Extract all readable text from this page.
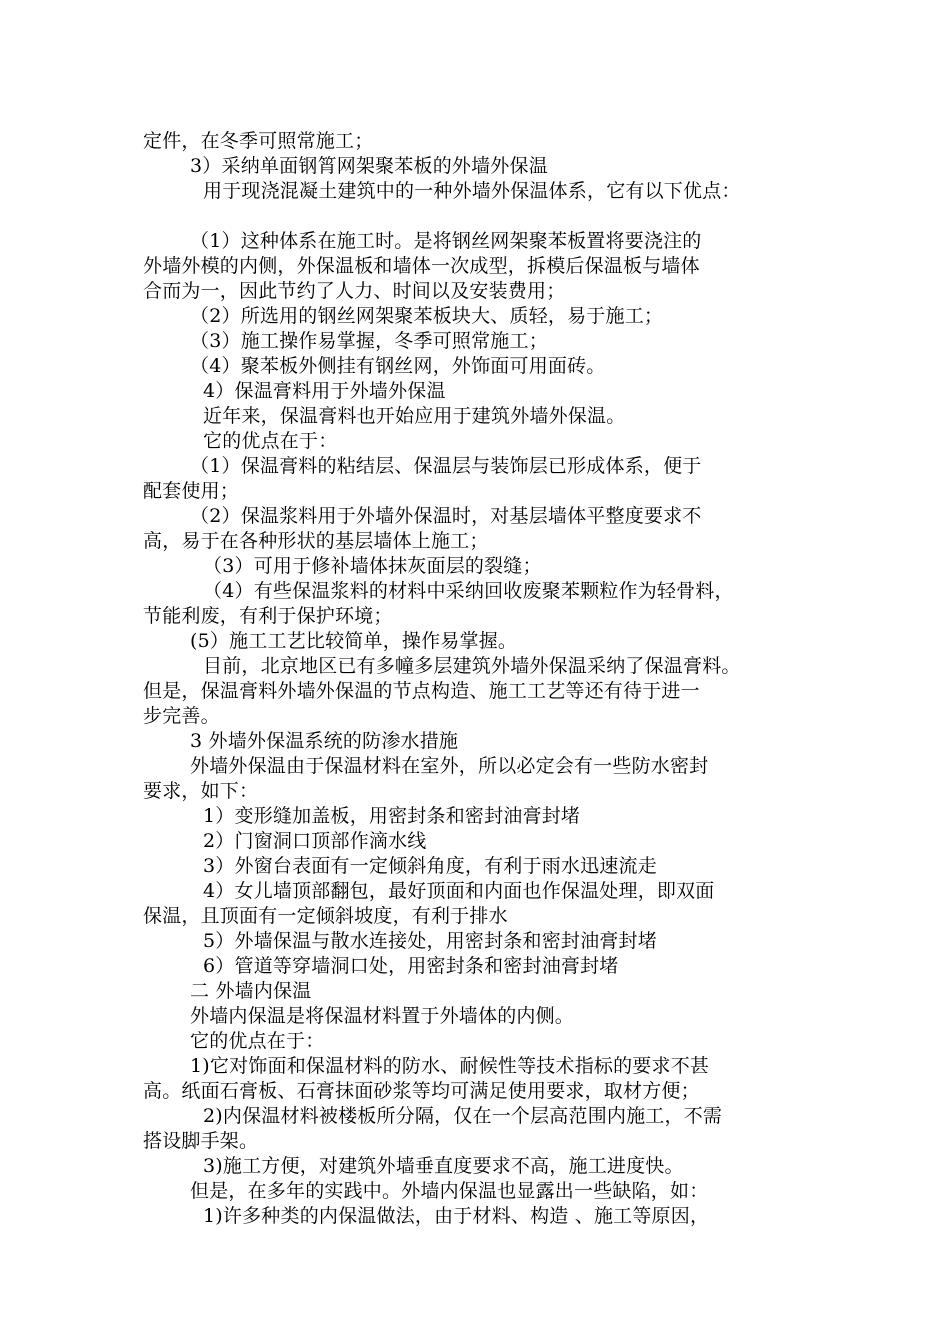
定件，在冬季可照常施工；
3）采纳单面钢筲网架聚苯板的外墙外保温
用于现浇混凝土建筑中的一种外墙外保温体系，它有以下优点：
（1）这种体系在施工时。是将钢丝网架聚苯板置将要浇注的
外墙外模的内侧，外保温板和墙体一次成型，拆模后保温板与墙体
合而为一，因此节约了人力、时间以及安装费用；
（2）所选用的钢丝网架聚苯板块大、质轻，易于施工；
（3）施工操作易掌握，冬季可照常施工；
（4）聚苯板外侧挂有钢丝网，外饰面可用面砖。
4）保温膏料用于外墙外保温
近年来，保温膏料也开始应用于建筑外墙外保温。
它的优点在于：
（1）保温膏料的粘结层、保温层与装饰层已形成体系，便于
配套使用；
（2）保温浆料用于外墙外保温时，对基层墙体平整度要求不
高，易于在各种形状的基层墙体上施工；
（3）可用于修补墙体抹灰面层的裂缝；
（4）有些保温浆料的材料中采纳回收废聚苯颗粒作为轻骨料，
节能利废，有利于保护环境；
(5）施工工艺比较简单，操作易掌握。
目前，北京地区已有多幢多层建筑外墙外保温采纳了保温膏料。
但是，保温膏料外墙外保温的节点构造、施工工艺等还有待于进一
步完善。
3 外墙外保温系统的防渗水措施
外墙外保温由于保温材料在室外，所以必定会有一些防水密封
要求，如下：
1）变形缝加盖板，用密封条和密封油膏封堵
2）门窗洞口顶部作滴水线
3）外窗台表面有一定倾斜角度，有利于雨水迅速流走
4）女儿墙顶部翻包，最好顶面和内面也作保温处理，即双面
保温，且顶面有一定倾斜坡度，有利于排水
5）外墙保温与散水连接处，用密封条和密封油膏封堵
6）管道等穿墙洞口处，用密封条和密封油膏封堵
二 外墙内保温
外墙内保温是将保温材料置于外墙体的内侧。
它的优点在于：
1)它对饰面和保温材料的防水、耐候性等技术指标的要求不甚
高。纸面石膏板、石膏抹面砂浆等均可满足使用要求，取材方便；
2)内保温材料被楼板所分隔，仅在一个层高范围内施工，不需
搭设脚手架。
3)施工方便，对建筑外墙垂直度要求不高，施工进度快。
但是，在多年的实践中。外墙内保温也显露出一些缺陷，如：
1)许多种类的内保温做法，由于材料、构造 、施工等原因，
